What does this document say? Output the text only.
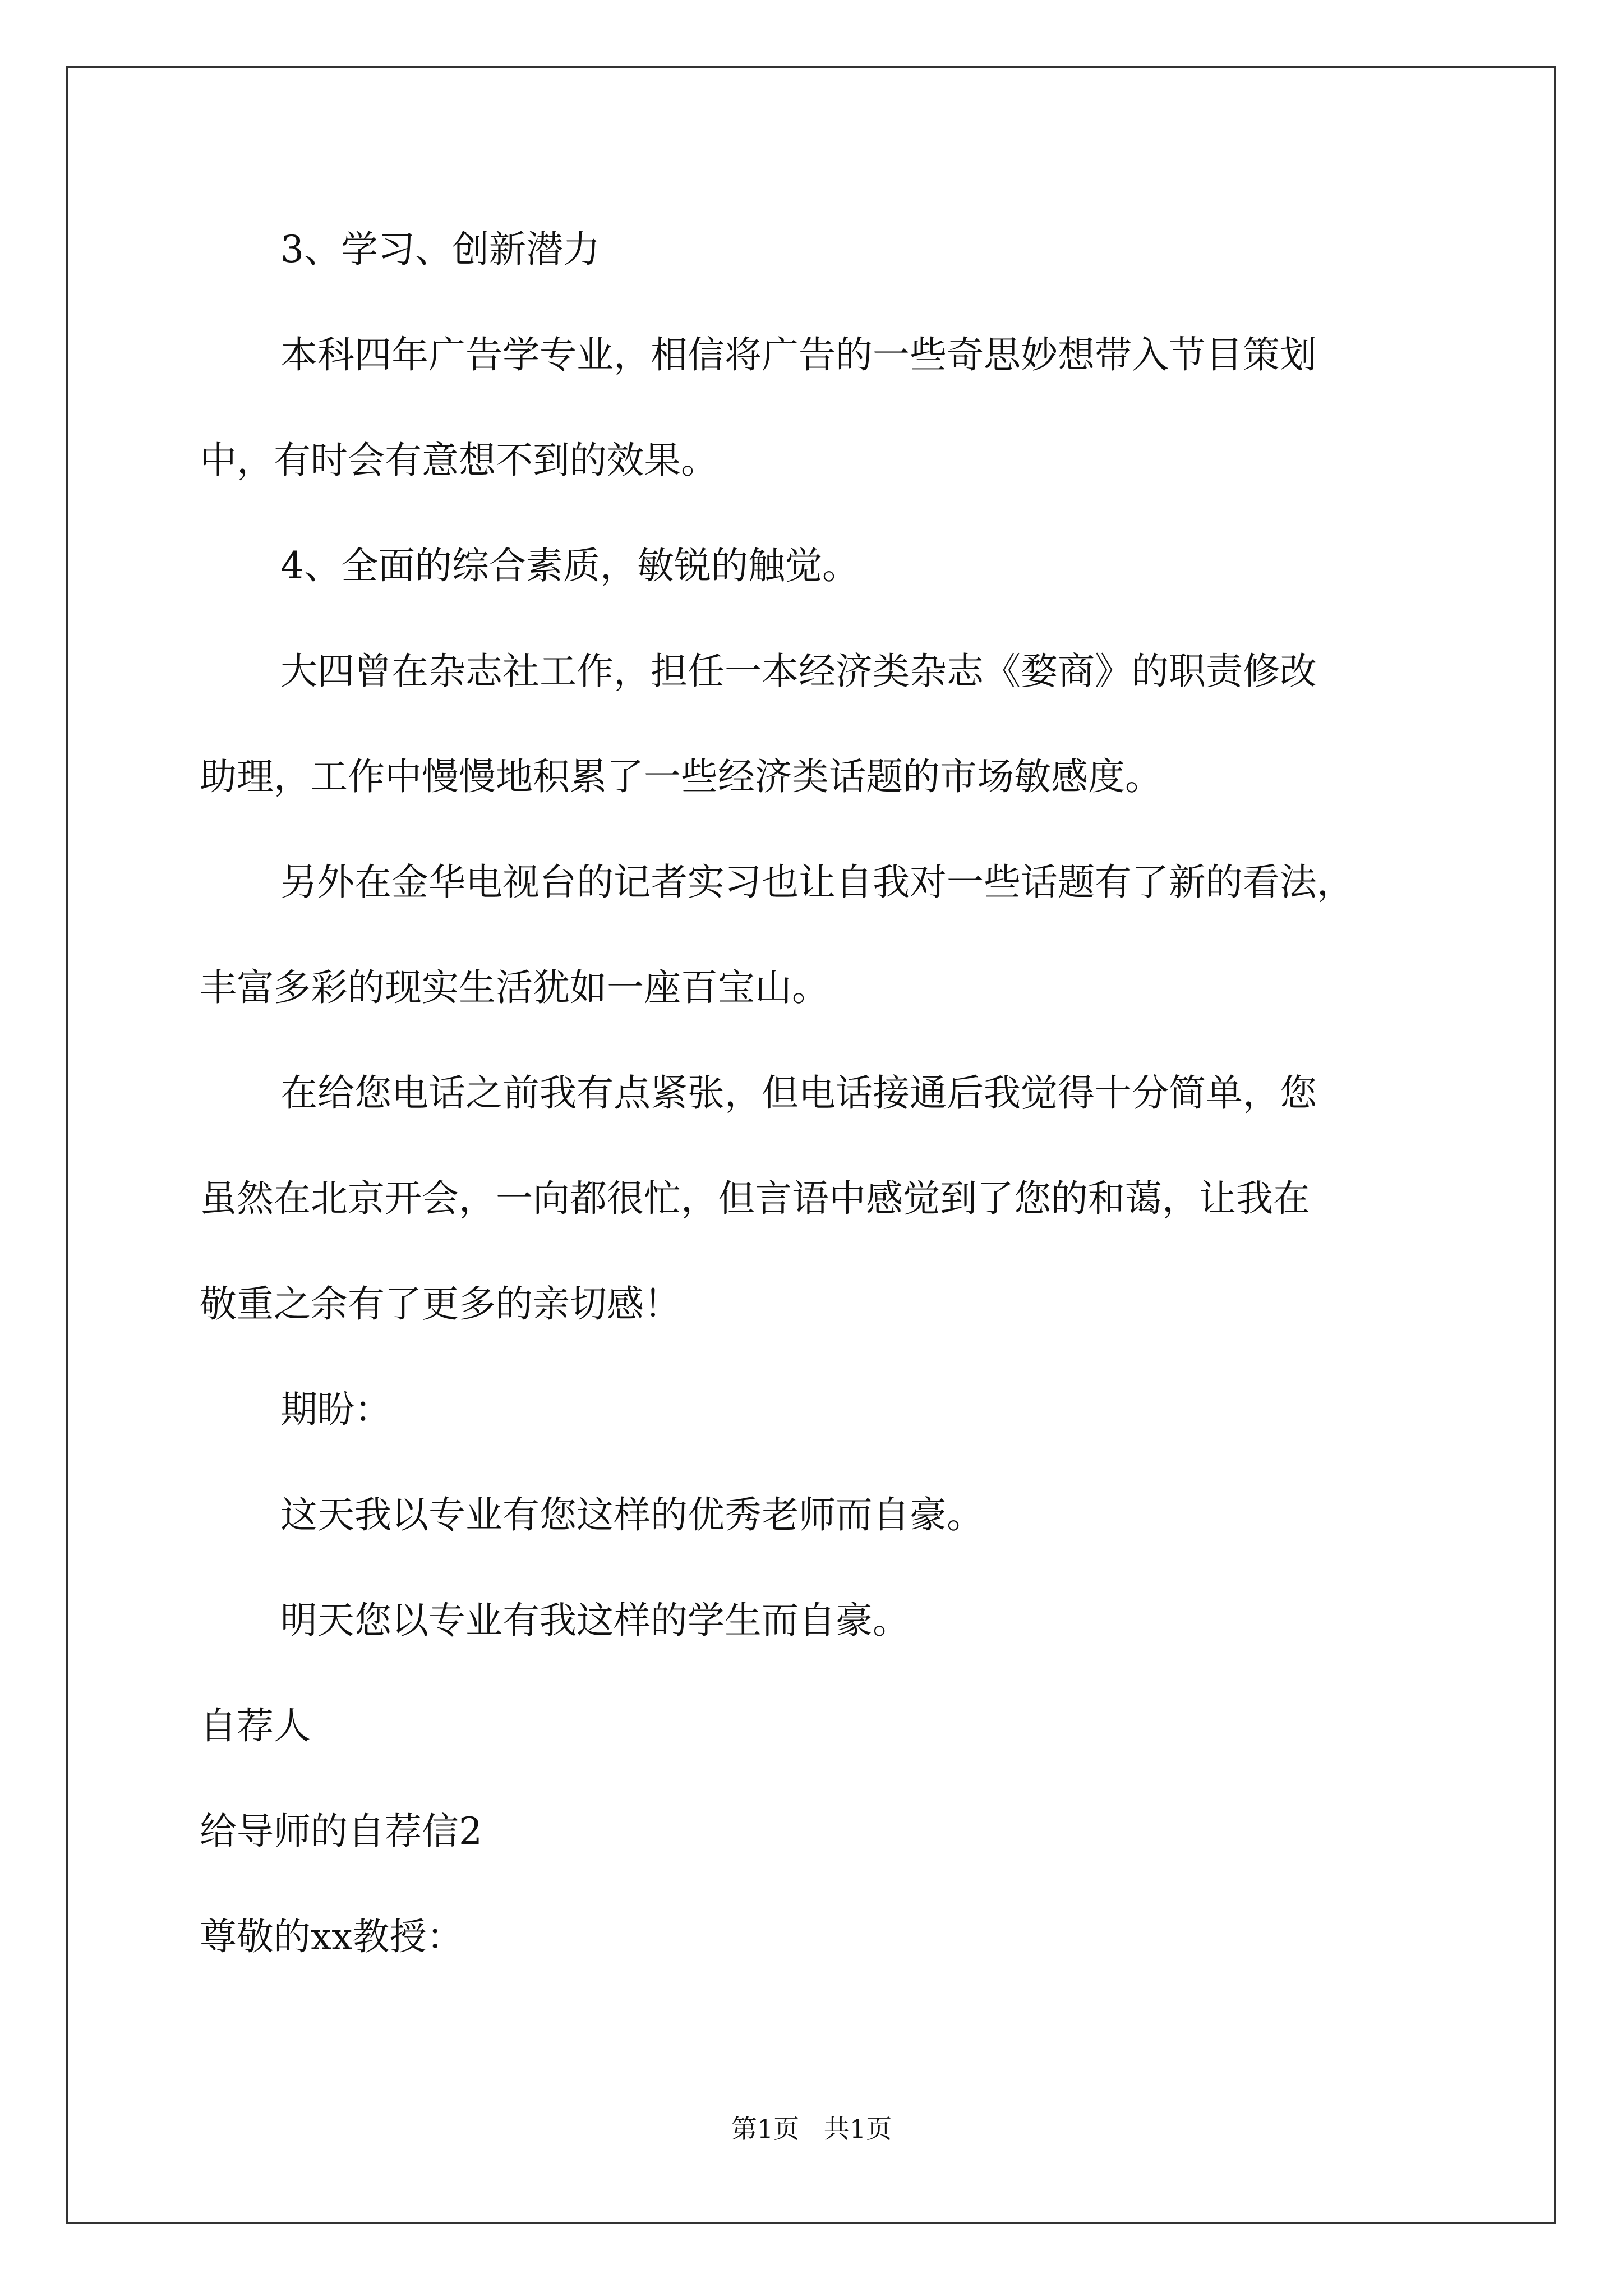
3、学习、创新潜力

本科四年广告学专业，相信将广告的一些奇思妙想带入节目策划

中，有时会有意想不到的效果。

4、全面的综合素质，敏锐的触觉。

大四曾在杂志社工作，担任一本经济类杂志《婺商》的职责修改

助理，工作中慢慢地积累了一些经济类话题的市场敏感度。

另外在金华电视台的记者实习也让自我对一些话题有了新的看法，

丰富多彩的现实生活犹如一座百宝山。

在给您电话之前我有点紧张，但电话接通后我觉得十分简单，您

虽然在北京开会，一向都很忙，但言语中感觉到了您的和蔼，让我在

敬重之余有了更多的亲切感！

期盼：

这天我以专业有您这样的优秀老师而自豪。

明天您以专业有我这样的学生而自豪。

自荐人

给导师的自荐信2

尊敬的xx教授：

第1页   共1页
